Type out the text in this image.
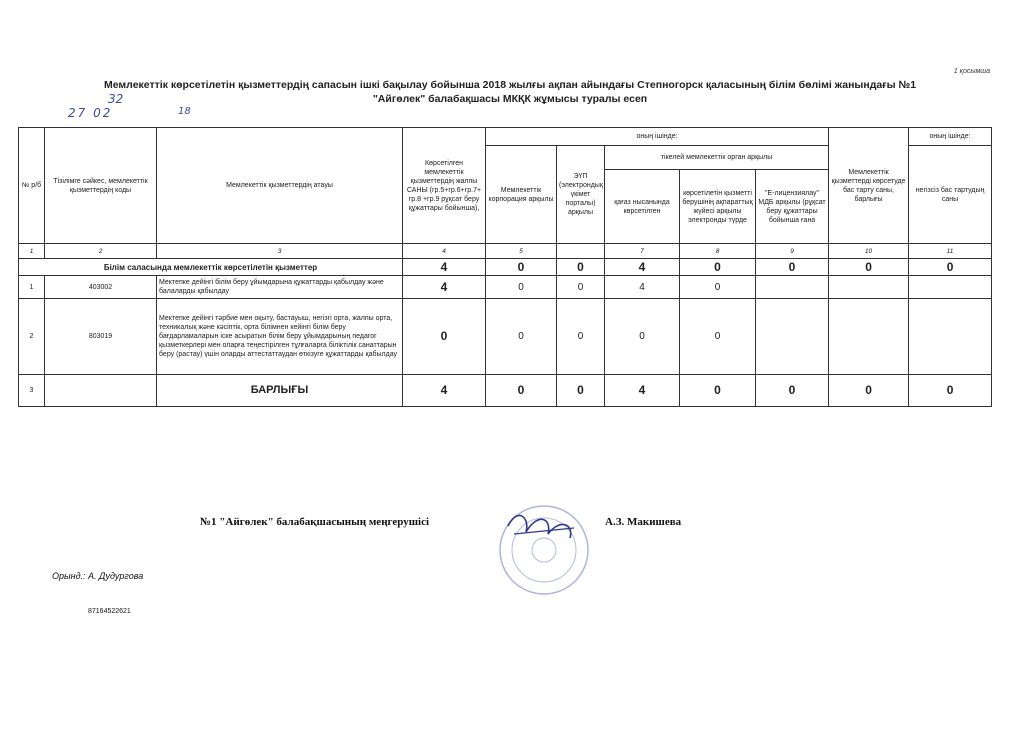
1 қосымша
Мемлекеттік көрсетілетін қызметтердің сапасын ішкі бақылау бойынша 2018 жылғы ақпан айындағы Степногорск қаласының білім бөлімі жанындағы №1
"Айгөлек" балабақшасы МКҚК жұмысы туралы есеп
32
27 02	18
№ р/б	Тізілімге сәйкес, мемлекеттік қызметтердің коды	Мемлекеттік қызметтердің атауы	Көрсетілген мемлекеттік қызметтердің жалпы САНЫ (гр.5+гр.6+гр.7+ гр.8 +гр.9 рұқсат беру құжаттары бойынша),	оның ішінде:					Мемлекеттік қызметтерді көрсетуде бас тарту саны, барлығы	оның ішінде:
				Мемлекеттік корпорация арқылы	ЭҮП (электрондық үкімет порталы) арқылы	тікелей мемлекеттік орган арқылы				негізсіз бас тартудың саны
						қағаз нысанында көрсетілген	көрсетілетін қызметті берушінің ақпараттық жүйесі арқылы электронды түрде	"Е-лицензиялау" МДБ арқылы (рұқсат беру құжаттары бойынша ғана		
1	2	3	4	5		7	8	9	10	11
Білім саласында мемлекеттік көрсетілетін қызметтер			4	0	0	4	0	0	0	0
1	403002	Мектепке дейінгі білім беру ұйымдарына құжаттарды қабылдау және балаларды қабылдау	4	0	0	4	0			
2	803019	Мектепке дейінгі тәрбие мен оқыту, бастауыш, негізгі орта, жалпы орта, техникалық және кәсіптік, орта білімнен кейінгі білім беру бағдарламаларын іске асыратын білім беру ұйымдарының педагог қызметкерлері мен оларға теңестірілген тұлғаларға біліктілік санаттарын беру (растау) үшін оларды аттестаттаудан өткізуге құжаттарды қабылдау	0	0	0	0	0			
3		БАРЛЫҒЫ	4	0	0	4	0	0	0	0
№1 "Айгөлек" балабақшасының меңгерушісі	А.З. Макишева
Орынд.: А. Дудургова
87164522621
